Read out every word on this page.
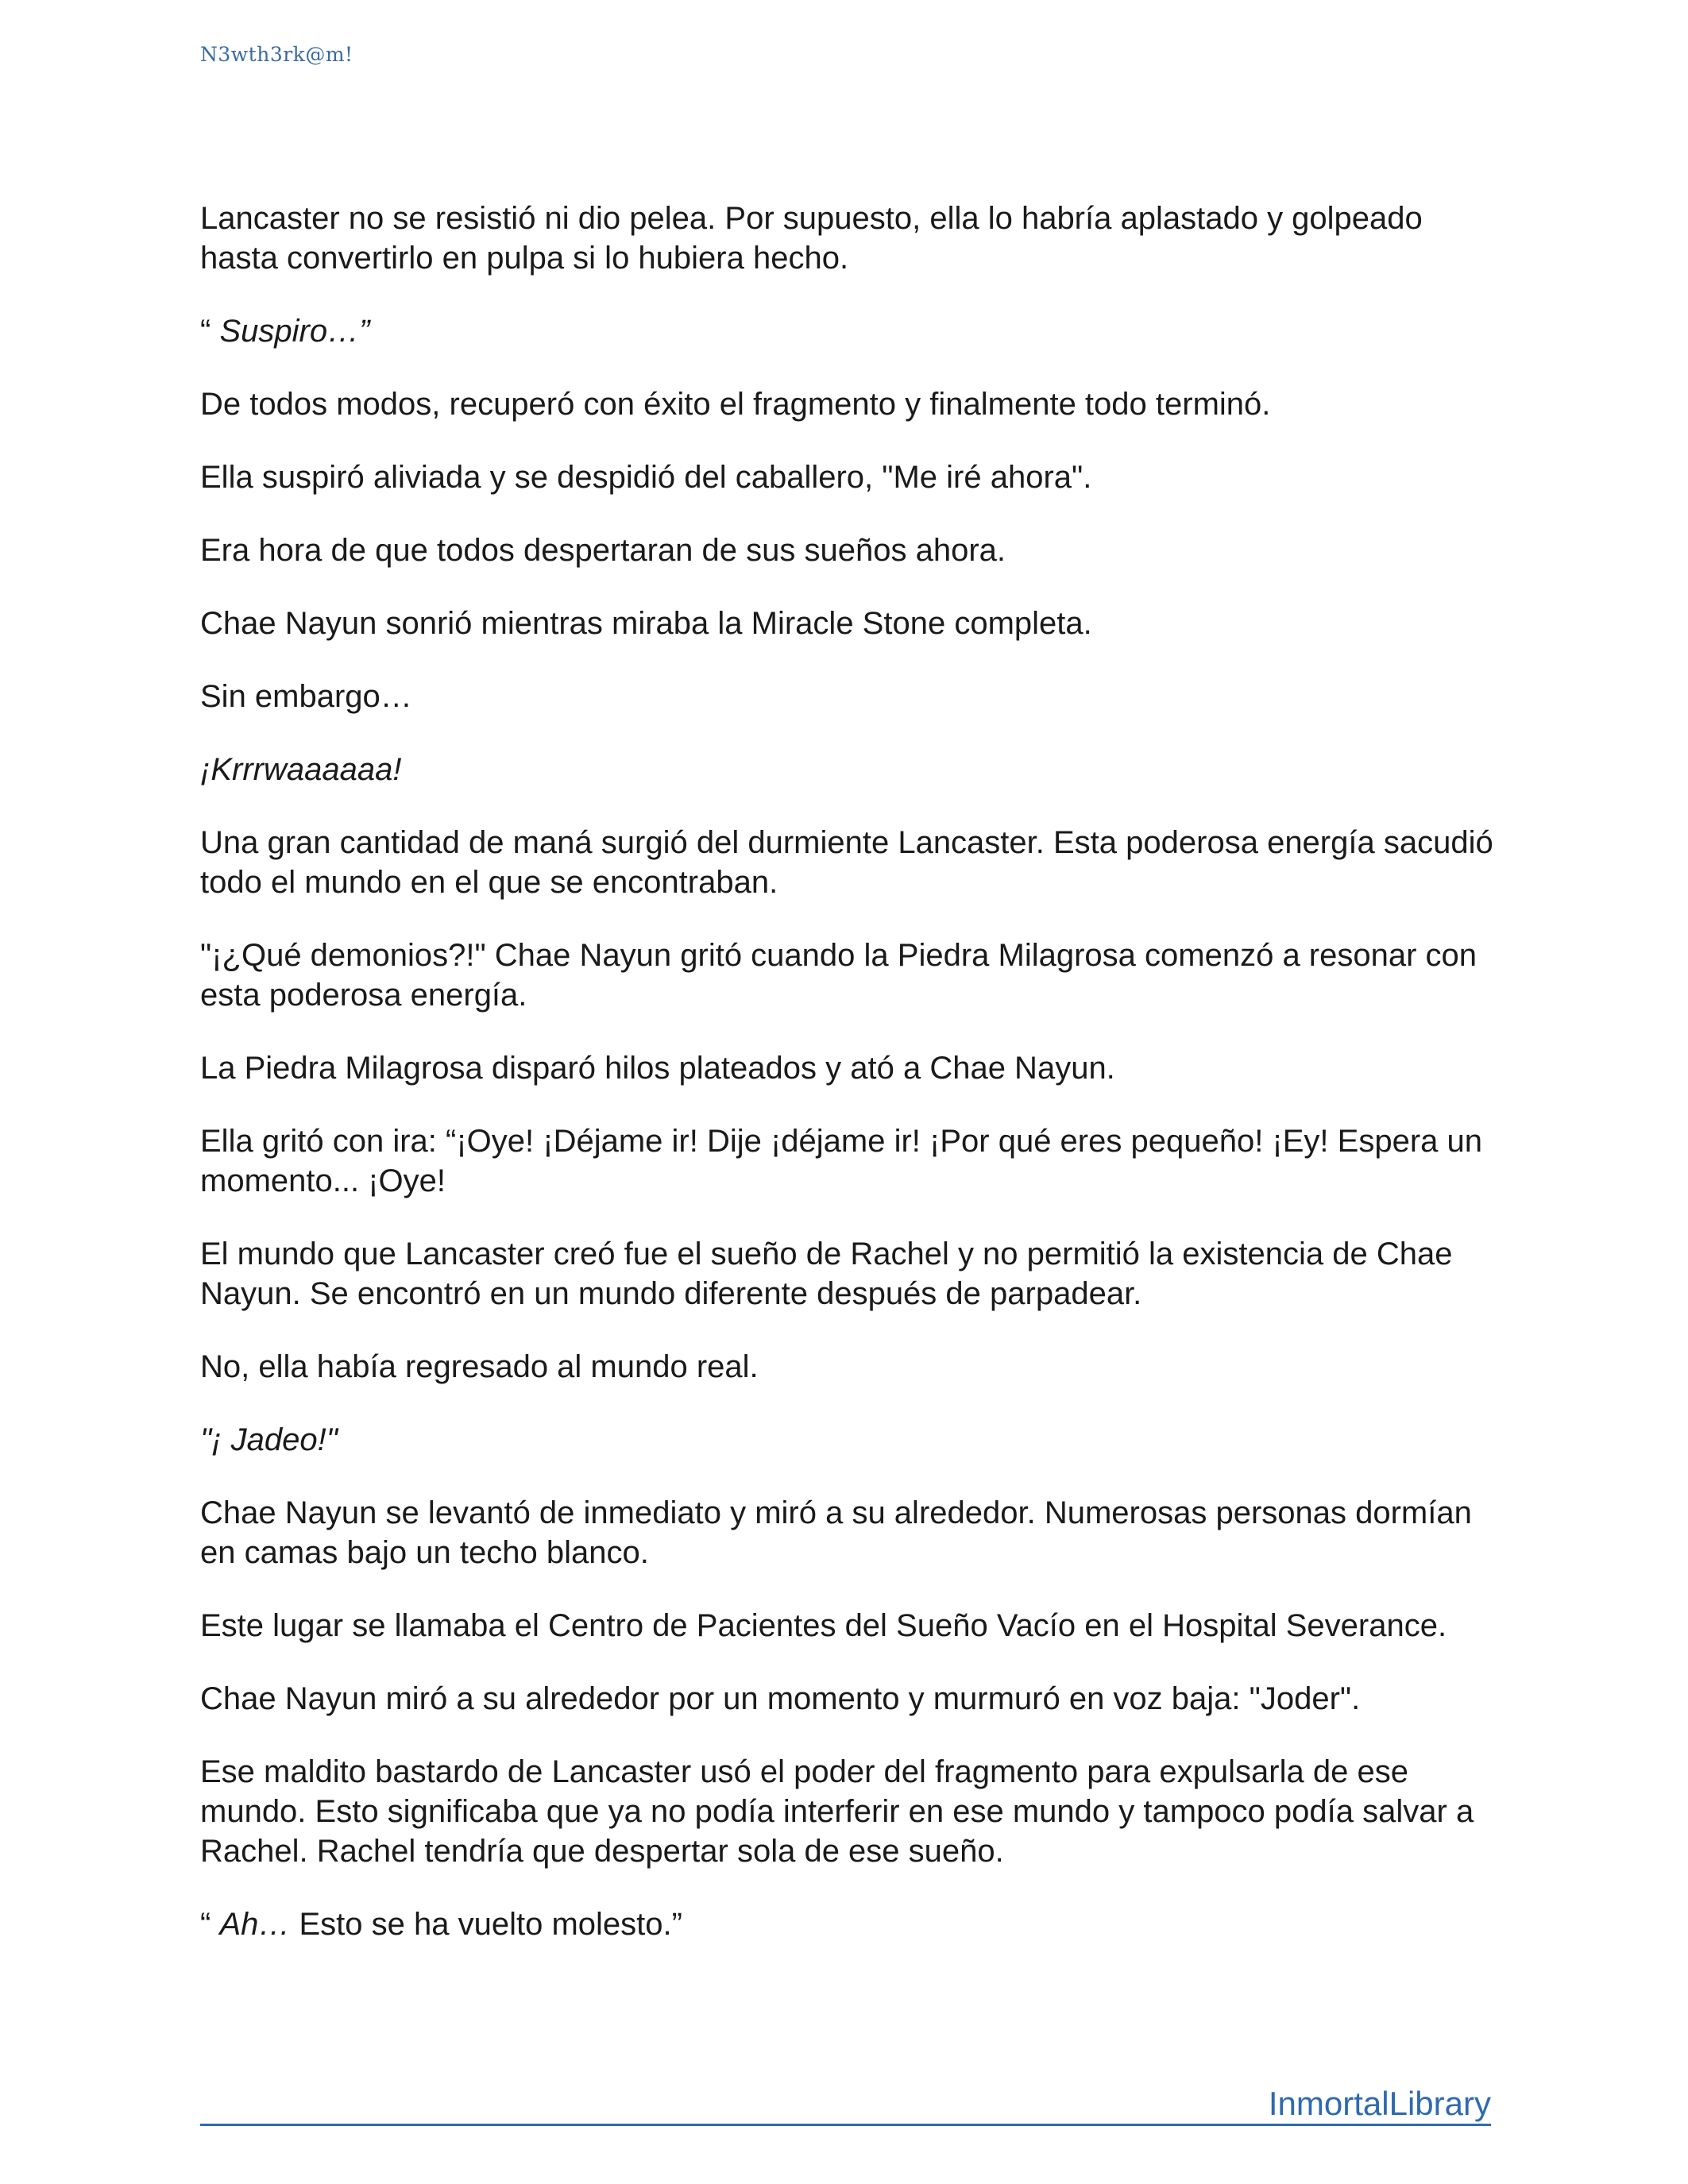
N3wth3rk@m!

Lancaster no se resistió ni dio pelea. Por supuesto, ella lo habría aplastado y golpeado hasta convertirlo en pulpa si lo hubiera hecho.

“ Suspiro…”

De todos modos, recuperó con éxito el fragmento y finalmente todo terminó.

Ella suspiró aliviada y se despidió del caballero, "Me iré ahora".

Era hora de que todos despertaran de sus sueños ahora.

Chae Nayun sonrió mientras miraba la Miracle Stone completa.

Sin embargo…

¡Krrrwaaaaaa!

Una gran cantidad de maná surgió del durmiente Lancaster. Esta poderosa energía sacudió todo el mundo en el que se encontraban.

"¡¿Qué demonios?!" Chae Nayun gritó cuando la Piedra Milagrosa comenzó a resonar con esta poderosa energía.

La Piedra Milagrosa disparó hilos plateados y ató a Chae Nayun.

Ella gritó con ira: “¡Oye! ¡Déjame ir! Dije ¡déjame ir! ¡Por qué eres pequeño! ¡Ey! Espera un momento... ¡Oye!

El mundo que Lancaster creó fue el sueño de Rachel y no permitió la existencia de Chae Nayun. Se encontró en un mundo diferente después de parpadear.

No, ella había regresado al mundo real.

"¡ Jadeo!"

Chae Nayun se levantó de inmediato y miró a su alrededor. Numerosas personas dormían en camas bajo un techo blanco.

Este lugar se llamaba el Centro de Pacientes del Sueño Vacío en el Hospital Severance.

Chae Nayun miró a su alrededor por un momento y murmuró en voz baja: "Joder".

Ese maldito bastardo de Lancaster usó el poder del fragmento para expulsarla de ese mundo. Esto significaba que ya no podía interferir en ese mundo y tampoco podía salvar a Rachel. Rachel tendría que despertar sola de ese sueño.

“ Ah… Esto se ha vuelto molesto.”

InmortalLibrary
